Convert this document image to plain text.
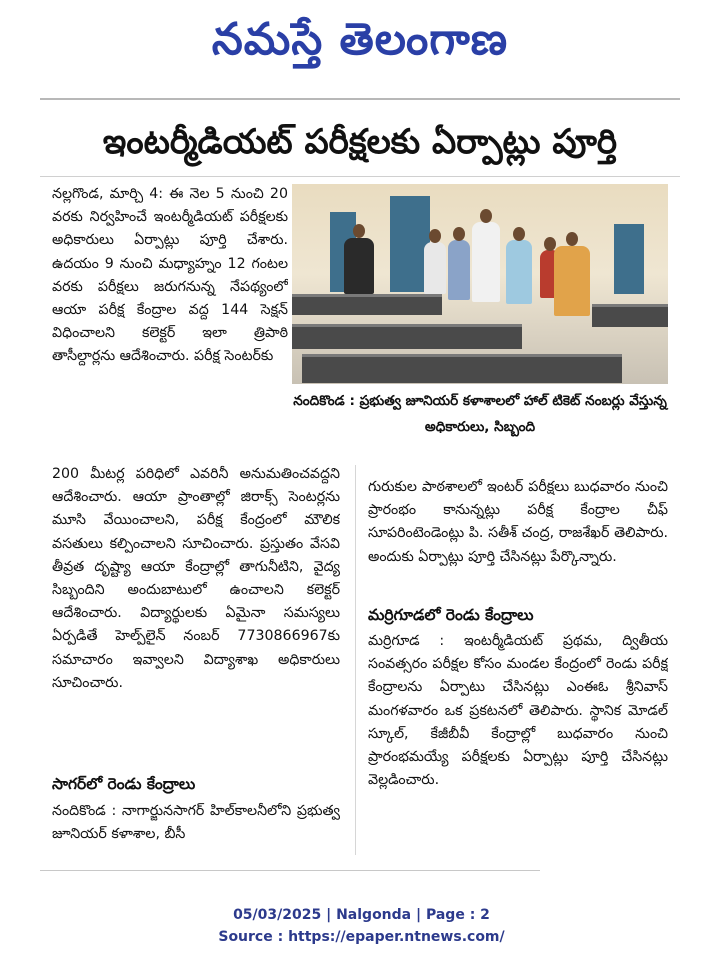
నమస్తే తెలంగాణ
ఇంటర్మీడియట్ పరీక్షలకు ఏర్పాట్లు పూర్తి
నల్లగొండ, మార్చి 4: ఈ నెల 5 నుంచి 20 వరకు నిర్వహించే ఇంటర్మీడియట్ పరీక్షలకు అధికారులు ఏర్పాట్లు పూర్తి చేశారు. ఉదయం 9 నుంచి మధ్యాహ్నం 12 గంటల వరకు పరీక్షలు జరుగనున్న నేపథ్యంలో ఆయా పరీక్ష కేంద్రాల వద్ద 144 సెక్షన్ విధించాలని కలెక్టర్ ఇలా త్రిపాఠి తాసీల్దార్లను ఆదేశించారు. పరీక్ష సెంటర్‌కు
నందికొండ : ప్రభుత్వ జూనియర్ కళాశాలలో హాల్ టికెట్ నంబర్లు వేస్తున్న అధికారులు, సిబ్బంది
200 మీటర్ల పరిధిలో ఎవరినీ అనుమతించవద్దని ఆదేశించారు. ఆయా ప్రాంతాల్లో జిరాక్స్ సెంటర్లను మూసి వేయించాలని, పరీక్ష కేంద్రంలో మౌలిక వసతులు కల్పించాలని సూచించారు. ప్రస్తుతం వేసవి తీవ్రత దృష్ట్యా ఆయా కేంద్రాల్లో తాగునీటిని, వైద్య సిబ్బందిని అందుబాటులో ఉంచాలని కలెక్టర్ ఆదేశించారు. విద్యార్థులకు ఏమైనా సమస్యలు ఏర్పడితే హెల్ప్‌లైన్ నంబర్ 7730866967కు సమాచారం ఇవ్వాలని విద్యాశాఖ అధికారులు సూచించారు.
గురుకుల పాఠశాలలో ఇంటర్ పరీక్షలు బుధవారం నుంచి ప్రారంభం కానున్నట్లు పరీక్ష కేంద్రాల చీఫ్ సూపరింటెండెంట్లు పి. సతీశ్ చంద్ర, రాజశేఖర్ తెలిపారు. అందుకు ఏర్పాట్లు పూర్తి చేసినట్లు పేర్కొన్నారు.
మర్రిగూడలో రెండు కేంద్రాలు
మర్రిగూడ : ఇంటర్మీడియట్ ప్రథమ, ద్వితీయ సంవత్సరం పరీక్షల కోసం మండల కేంద్రంలో రెండు పరీక్ష కేంద్రాలను ఏర్పాటు చేసినట్లు ఎంఈఓ శ్రీనివాస్ మంగళవారం ఒక ప్రకటనలో తెలిపారు. స్థానిక మోడల్ స్కూల్, కేజీబీవీ కేంద్రాల్లో బుధవారం నుంచి ప్రారంభమయ్యే పరీక్షలకు ఏర్పాట్లు పూర్తి చేసినట్లు వెల్లడించారు.
సాగర్‌లో రెండు కేంద్రాలు
నందికొండ : నాగార్జునసాగర్ హిల్‌కాలనీలోని ప్రభుత్వ జూనియర్ కళాశాల, బీసీ
05/03/2025 | Nalgonda | Page : 2
Source : https://epaper.ntnews.com/
